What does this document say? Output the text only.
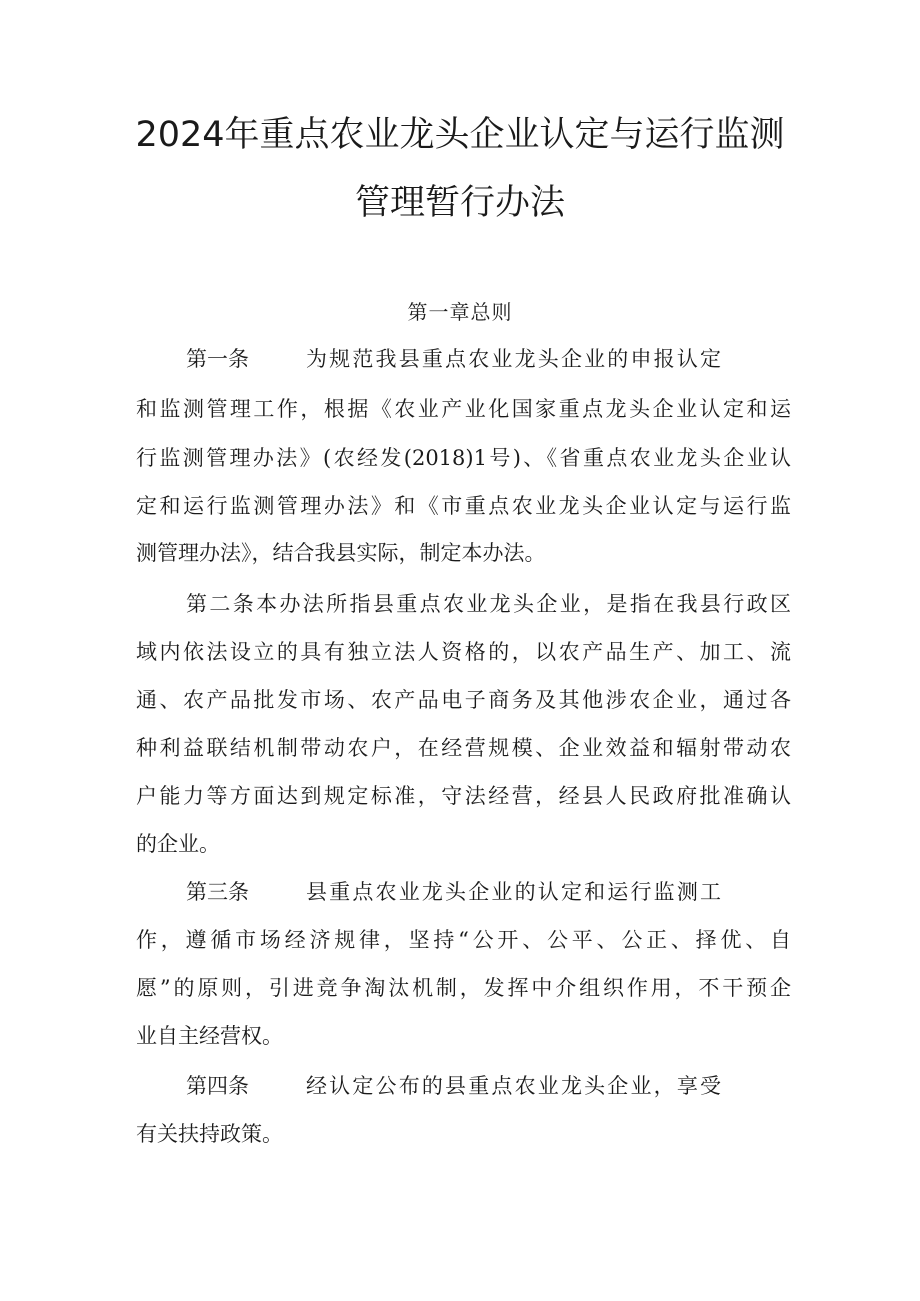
2024年重点农业龙头企业认定与运行监测
管理暂行办法
第一章总则
第一条	为规范我县重点农业龙头企业的申报认定
和监测管理工作，根据《农业产业化国家重点龙头企业认定和运
行监测管理办法》(农经发(2018)1号)、《省重点农业龙头企业认
定和运行监测管理办法》和《市重点农业龙头企业认定与运行监
测管理办法》，结合我县实际，制定本办法。
第二条本办法所指县重点农业龙头企业，是指在我县行政区
域内依法设立的具有独立法人资格的，以农产品生产、加工、流
通、农产品批发市场、农产品电子商务及其他涉农企业，通过各
种利益联结机制带动农户，在经营规模、企业效益和辐射带动农
户能力等方面达到规定标准，守法经营，经县人民政府批准确认
的企业。
第三条	县重点农业龙头企业的认定和运行监测工
作，遵循市场经济规律，坚持“公开、公平、公正、择优、自
愿”的原则，引进竞争淘汰机制，发挥中介组织作用，不干预企
业自主经营权。
第四条	经认定公布的县重点农业龙头企业，享受
有关扶持政策。
